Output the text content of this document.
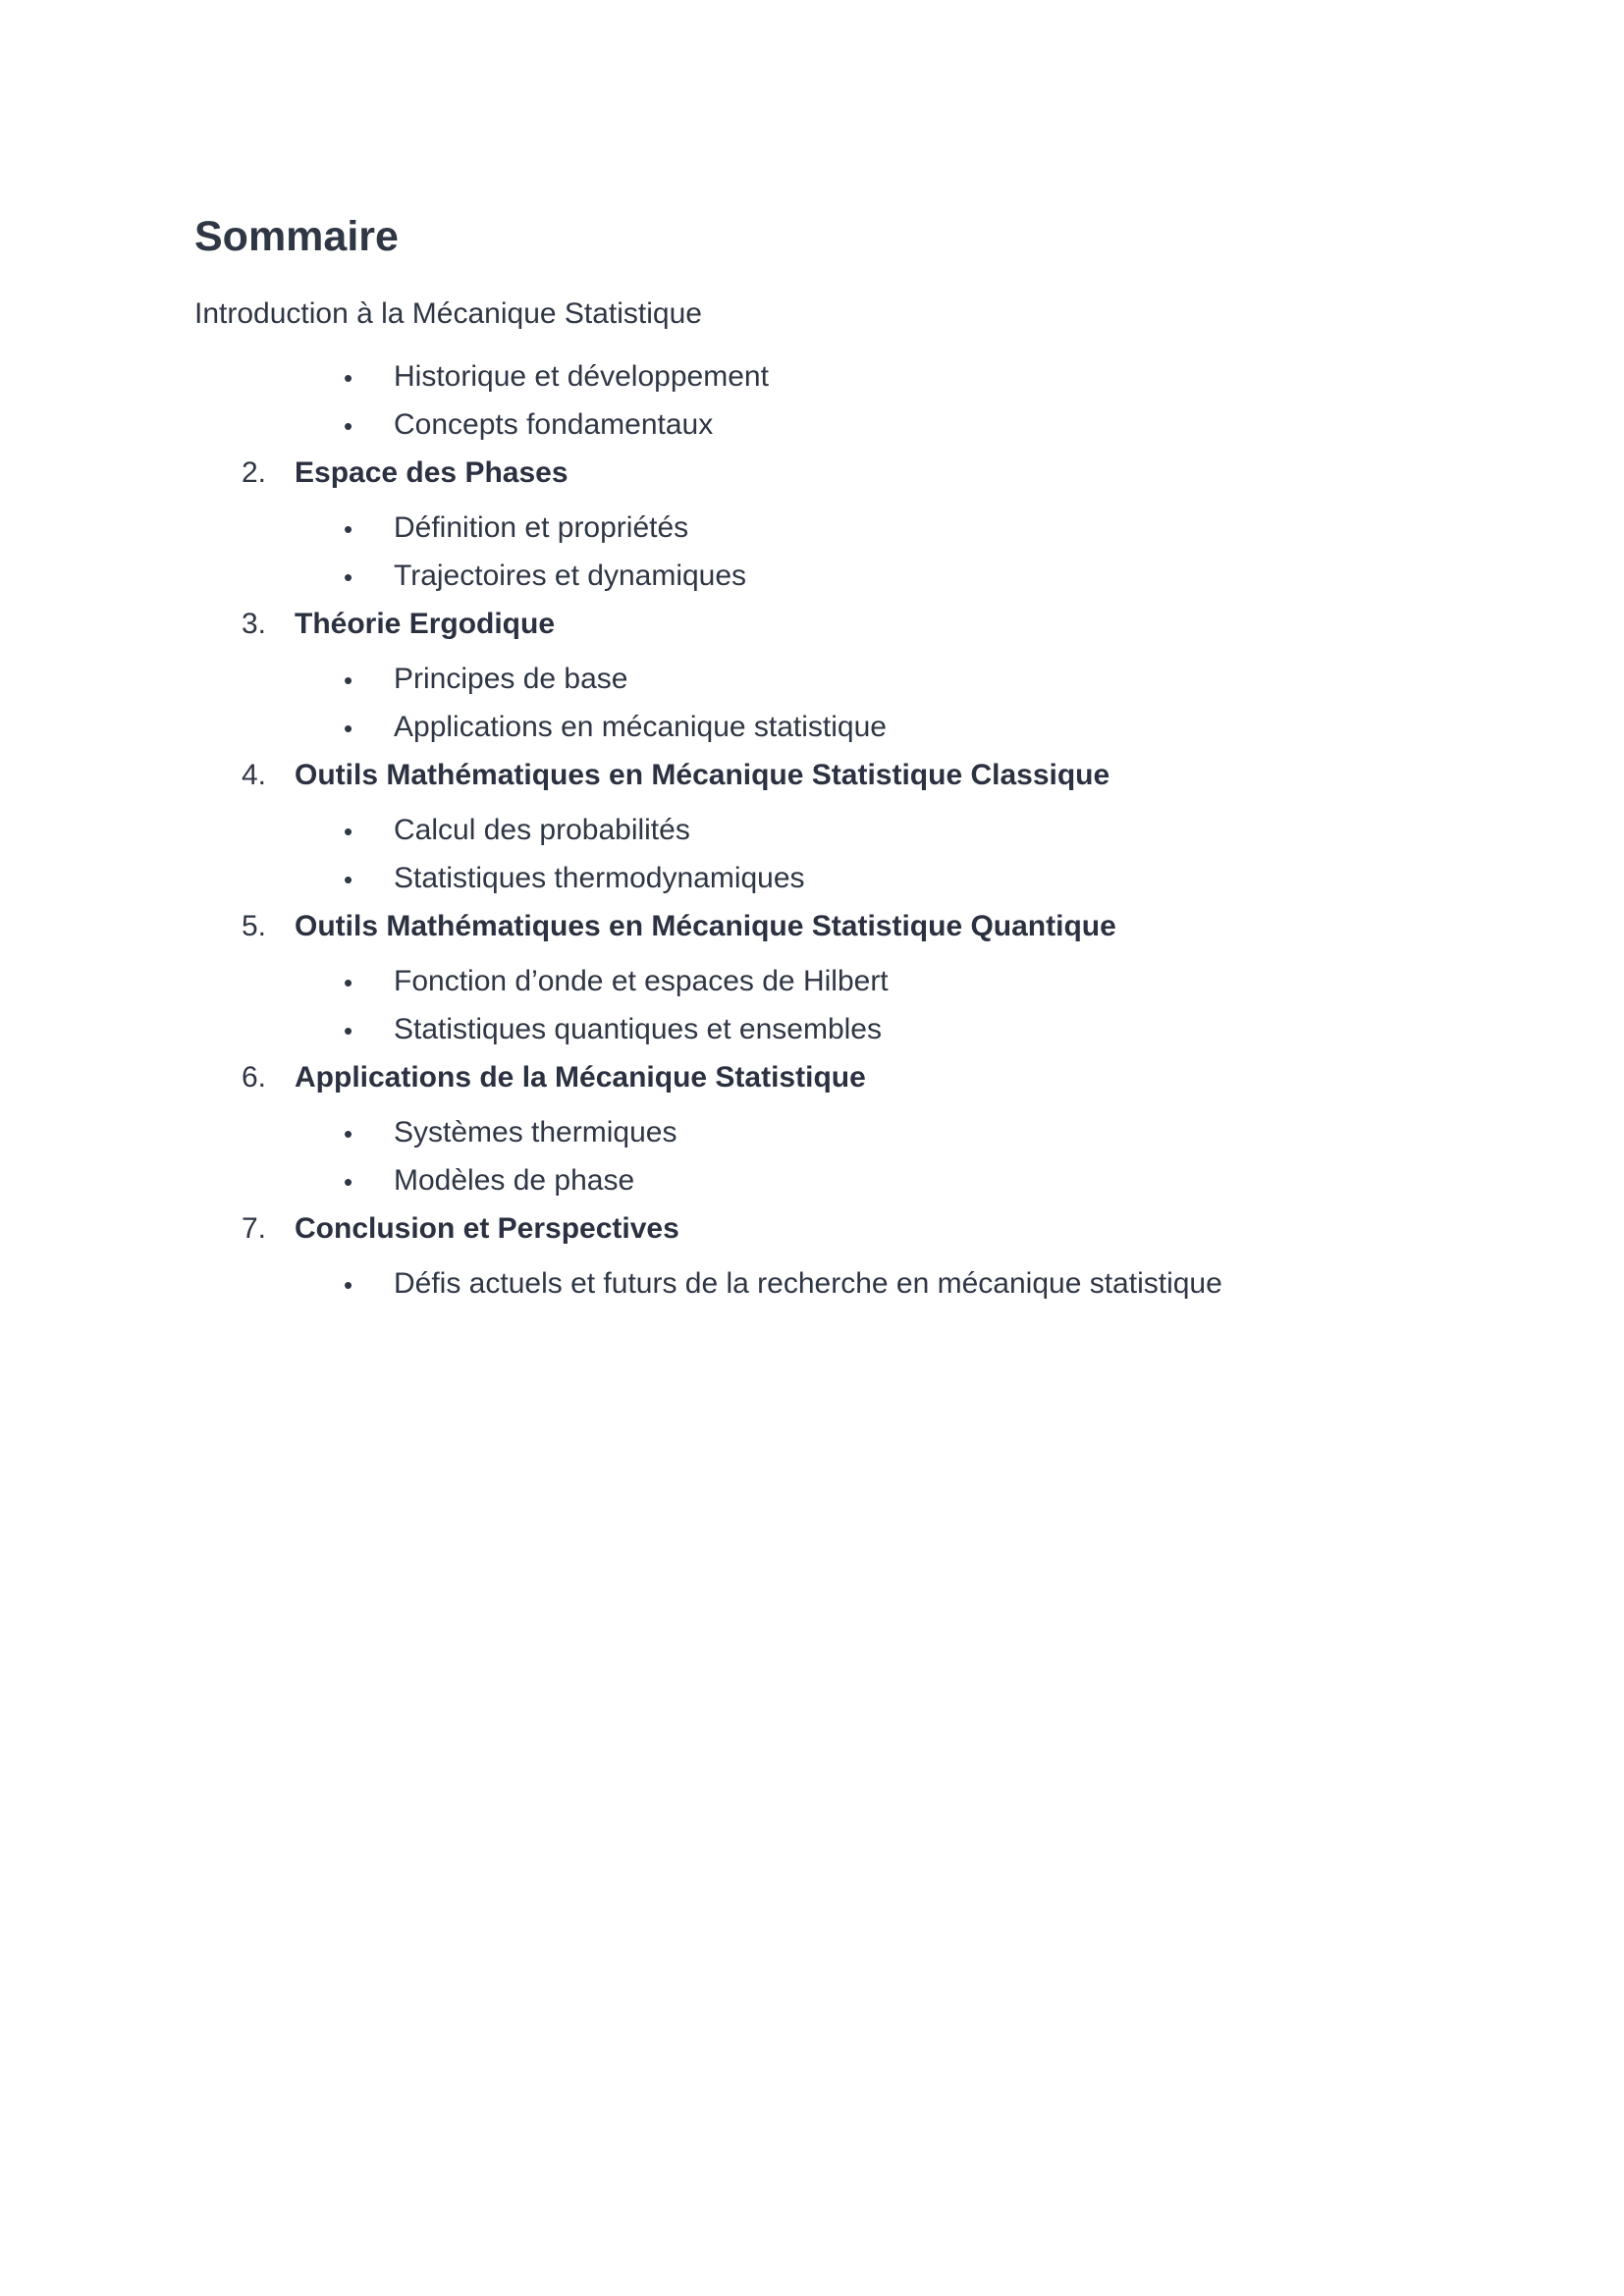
Sommaire
Introduction à la Mécanique Statistique
• Historique et développement
• Concepts fondamentaux
2. Espace des Phases
• Définition et propriétés
• Trajectoires et dynamiques
3. Théorie Ergodique
• Principes de base
• Applications en mécanique statistique
4. Outils Mathématiques en Mécanique Statistique Classique
• Calcul des probabilités
• Statistiques thermodynamiques
5. Outils Mathématiques en Mécanique Statistique Quantique
• Fonction d’onde et espaces de Hilbert
• Statistiques quantiques et ensembles
6. Applications de la Mécanique Statistique
• Systèmes thermiques
• Modèles de phase
7. Conclusion et Perspectives
• Défis actuels et futurs de la recherche en mécanique statistique
